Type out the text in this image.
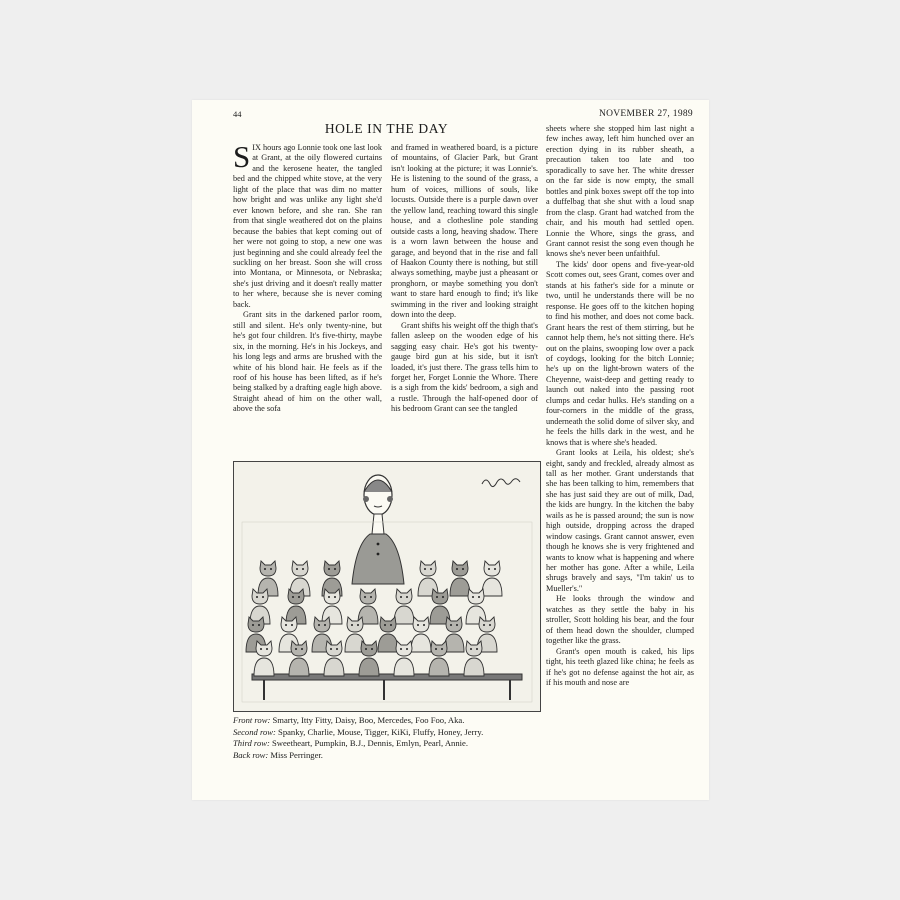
44	NOVEMBER 27, 1989
HOLE IN THE DAY

SIX hours ago Lonnie took one last look at Grant, at the oily flowered curtains and the kerosene heater, the tangled bed and the chipped white stove, at the very light of the place that was dim no matter how bright and was unlike any light she'd ever known before, and she ran. She ran from that single weathered dot on the plains because the babies that kept coming out of her were not going to stop, a new one was just beginning and she could already feel the suckling on her breast. Soon she will cross into Montana, or Minnesota, or Nebraska; she's just driving and it doesn't really matter to her where, because she is never coming back.

Grant sits in the darkened parlor room, still and silent. He's only twenty-nine, but he's got four children. It's five-thirty, maybe six, in the morning. He's in his Jockeys, and his long legs and arms are brushed with the white of his blond hair. He feels as if the roof of his house has been lifted, as if he's being stalked by a drafting eagle high above. Straight ahead of him on the other wall, above the sofa

and framed in weathered board, is a picture of mountains, of Glacier Park, but Grant isn't looking at the picture; it was Lonnie's. He is listening to the sound of the grass, a hum of voices, millions of souls, like locusts. Outside there is a purple dawn over the yellow land, reaching toward this single house, and a clothesline pole standing outside casts a long, heaving shadow. There is a worn lawn between the house and garage, and beyond that in the rise and fall of Haakon County there is nothing, but still always something, maybe just a pheasant or pronghorn, or maybe something you don't want to stare hard enough to find; it's like swimming in the river and looking straight down into the deep.

Grant shifts his weight off the thigh that's fallen asleep on the wooden edge of his sagging easy chair. He's got his twenty-gauge bird gun at his side, but it isn't loaded, it's just there. The grass tells him to forget her, Forget Lonnie the Whore. There is a sigh from the kids' bedroom, a sigh and a rustle. Through the half-opened door of his bedroom Grant can see the tangled

sheets where she stopped him last night a few inches away, left him hunched over an erection dying in its rubber sheath, a precaution taken too late and too sporadically to save her. The white dresser on the far side is now empty, the small bottles and pink boxes swept off the top into a duffelbag that she shut with a loud snap from the clasp. Grant had watched from the chair, and his mouth had settled open. Lonnie the Whore, sings the grass, and Grant cannot resist the song even though he knows she's never been unfaithful.

The kids' door opens and five-year-old Scott comes out, sees Grant, comes over and stands at his father's side for a minute or two, until he understands there will be no response. He goes off to the kitchen hoping to find his mother, and does not come back. Grant hears the rest of them stirring, but he cannot help them, he's not sitting there. He's out on the plains, swooping low over a pack of coydogs, looking for the bitch Lonnie; he's up on the light-brown waters of the Cheyenne, waist-deep and getting ready to launch out naked into the passing root clumps and cedar hulks. He's standing on a four-corners in the middle of the grass, underneath the solid dome of silver sky, and he feels the hills dark in the west, and he knows that is where she's headed.

Grant looks at Leila, his oldest; she's eight, sandy and freckled, already almost as tall as her mother. Grant understands that she has been talking to him, remembers that she has just said they are out of milk, Dad, the kids are hungry. In the kitchen the baby wails as he is passed around; the sun is now high outside, dropping across the draped window casings. Grant cannot answer, even though he knows she is very frightened and wants to know what is happening and where her mother has gone. After a while, Leila shrugs bravely and says, "I'm takin' us to Mueller's."

He looks through the window and watches as they settle the baby in his stroller, Scott holding his bear, and the four of them head down the shoulder, clumped together like the grass.

Grant's open mouth is caked, his lips tight, his teeth glazed like china; he feels as if he's got no defense against the hot air, as if his mouth and nose are

Front row: Smarty, Itty Fitty, Daisy, Boo, Mercedes, Foo Foo, Aka.
Second row: Spanky, Charlie, Mouse, Tigger, KiKi, Fluffy, Honey, Jerry.
Third row: Sweetheart, Pumpkin, B.J., Dennis, Emlyn, Pearl, Annie.
Back row: Miss Perringer.
